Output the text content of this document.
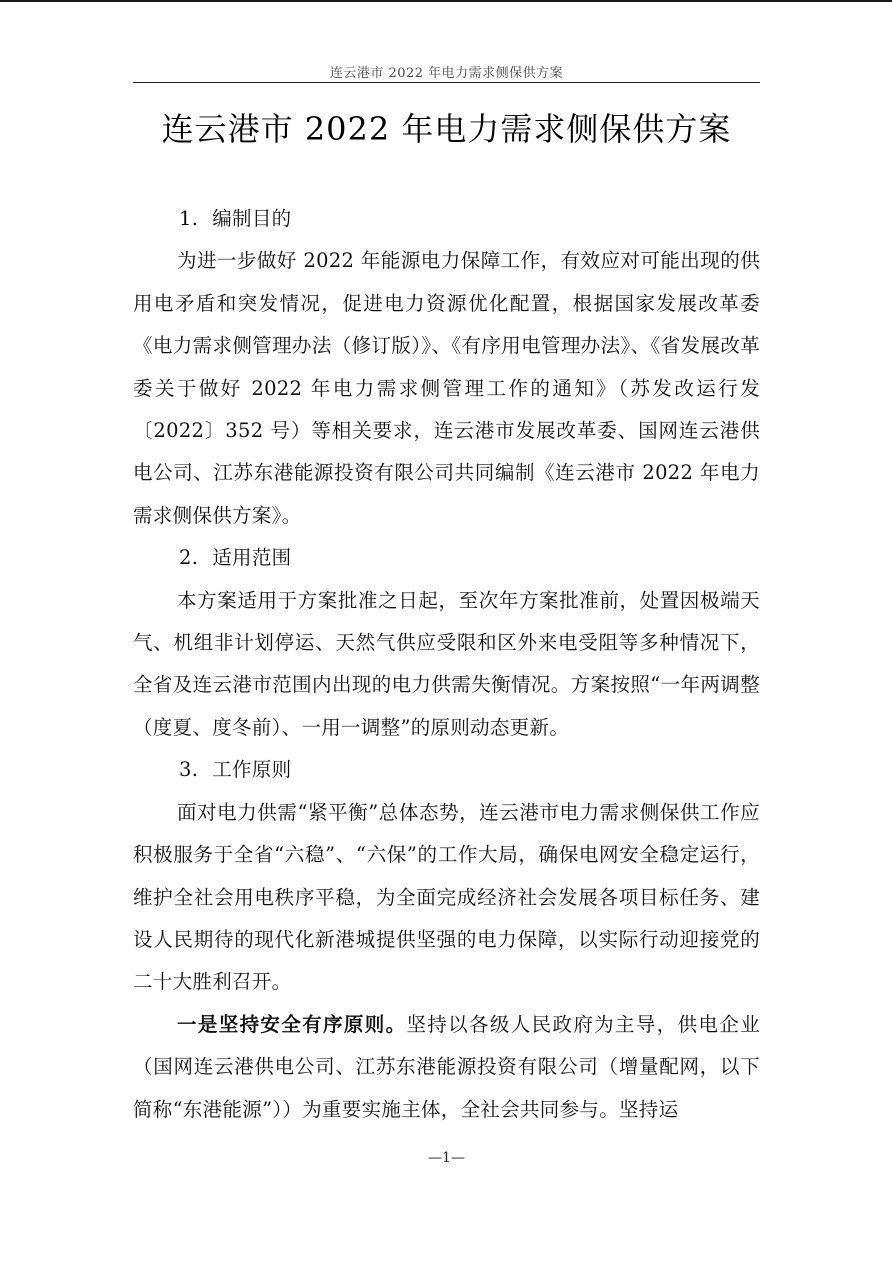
连云港市 2022 年电力需求侧保供方案
连云港市 2022 年电力需求侧保供方案

1. 编制目的

为进一步做好 2022 年能源电力保障工作，有效应对可能出现的供用电矛盾和突发情况，促进电力资源优化配置，根据国家发展改革委《电力需求侧管理办法（修订版）》、《有序用电管理办法》、《省发展改革委关于做好 2022 年电力需求侧管理工作的通知》（苏发改运行发〔2022〕352 号）等相关要求，连云港市发展改革委、国网连云港供电公司、江苏东港能源投资有限公司共同编制《连云港市 2022 年电力需求侧保供方案》。

2. 适用范围

本方案适用于方案批准之日起，至次年方案批准前，处置因极端天气、机组非计划停运、天然气供应受限和区外来电受阻等多种情况下，全省及连云港市范围内出现的电力供需失衡情况。方案按照“一年两调整（度夏、度冬前）、一用一调整”的原则动态更新。

3. 工作原则

面对电力供需“紧平衡”总体态势，连云港市电力需求侧保供工作应积极服务于全省“六稳”、“六保”的工作大局，确保电网安全稳定运行，维护全社会用电秩序平稳，为全面完成经济社会发展各项目标任务、建设人民期待的现代化新港城提供坚强的电力保障，以实际行动迎接党的二十大胜利召开。

一是坚持安全有序原则。坚持以各级人民政府为主导，供电企业（国网连云港供电公司、江苏东港能源投资有限公司（增量配网，以下简称“东港能源”））为重要实施主体，全社会共同参与。坚持运

—1—
